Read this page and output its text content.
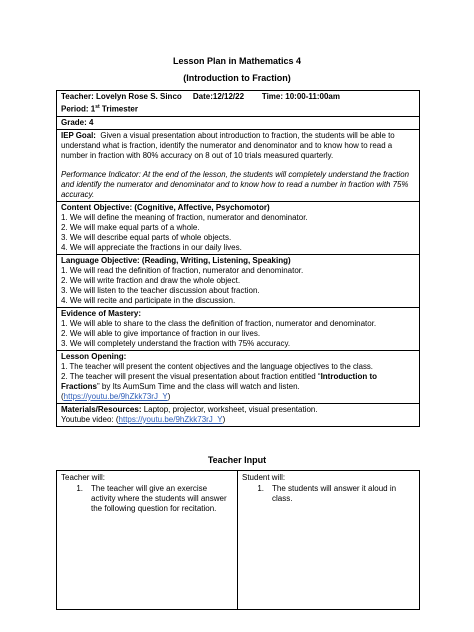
Lesson Plan in Mathematics 4
(Introduction to Fraction)
Teacher: Lovelyn Rose S. Sinco Date:12/12/22 Time: 10:00-11:00am
Period: 1st Trimester
Grade: 4
IEP Goal: Given a visual presentation about introduction to fraction, the students will be able to understand what is fraction, identify the numerator and denominator and to know how to read a number in fraction with 80% accuracy on 8 out of 10 trials measured quarterly.
Performance Indicator: At the end of the lesson, the students will completely understand the fraction and identify the numerator and denominator and to know how to read a number in fraction with 75% accuracy.
Content Objective: (Cognitive, Affective, Psychomotor)
1. We will define the meaning of fraction, numerator and denominator.
2. We will make equal parts of a whole.
3. We will describe equal parts of whole objects.
4. We will appreciate the fractions in our daily lives.
Language Objective: (Reading, Writing, Listening, Speaking)
1. We will read the definition of fraction, numerator and denominator.
2. We will write fraction and draw the whole object.
3. We will listen to the teacher discussion about fraction.
4. We will recite and participate in the discussion.
Evidence of Mastery:
1. We will able to share to the class the definition of fraction, numerator and denominator.
2. We will able to give importance of fraction in our lives.
3. We will completely understand the fraction with 75% accuracy.
Lesson Opening:
1. The teacher will present the content objectives and the language objectives to the class.
2. The teacher will present the visual presentation about fraction entitled “Introduction to Fractions” by Its AumSum Time and the class will watch and listen.
(https://youtu.be/9hZkk73rJ_Y)
Materials/Resources: Laptop, projector, worksheet, visual presentation.
Youtube video: (https://youtu.be/9hZkk73rJ_Y)
Teacher Input
Teacher will:
1.	The teacher will give an exercise activity where the students will answer the following question for recitation.
Student will:
1.	The students will answer it aloud in class.
